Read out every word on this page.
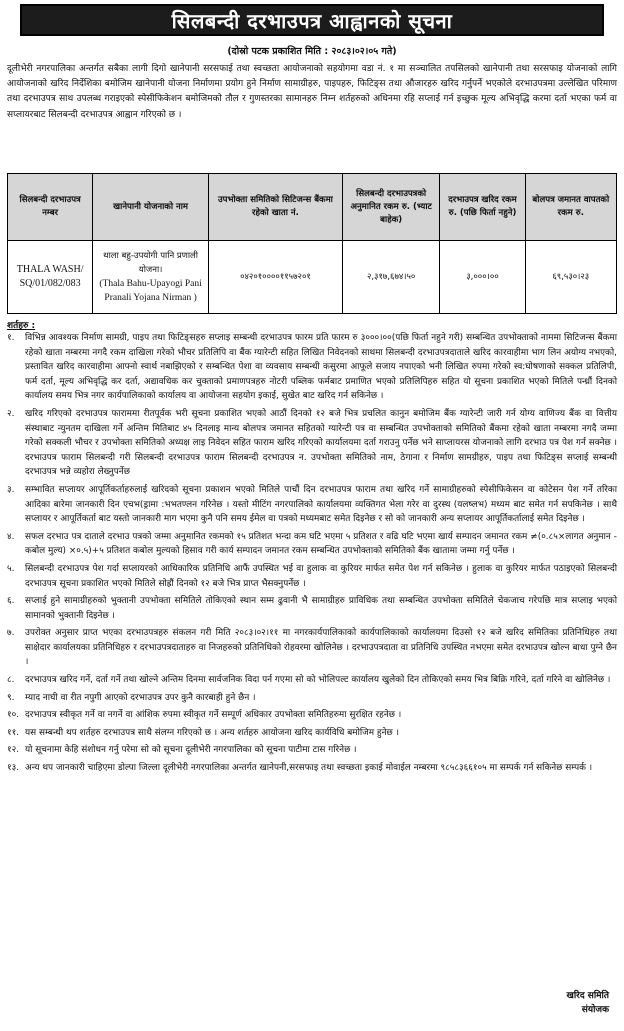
सिलबन्दी दरभाउपत्र आह्वानको सूचना
(दोस्रो पटक प्रकाशित मिति : २०८३।०२।०५ गते)
दूलीभेरी नगरपालिका अन्तर्गत सबैका लागी दिगो खानेपानी सरसफाई तथा स्वच्छता आयोजनाको सहयोगमा वडा नं. १ मा सञ्चालित तपसिलको खानेपानी तथा सरसफाइ योजनाको लागि आयोजनाको खरिद निर्देशिका बमोजिम खानेपानी योजना निर्माणमा प्रयोग हुने निर्माण सामाग्रीहरु, पाइपहरु, फिटिङ्स तथा औजारहरु खरिद गर्नुपर्ने भएकोले दरभाउपत्रमा उल्लेखित परिमाण तथा दरभाउपत्र साथ उपलब्ध गराइएको स्पेसीफिकेशन बमोजिमको तौल र गुणस्तरका सामानहरु निम्न शर्तहरुको अधिनमा रहि सप्लाई गर्न इच्छुक मूल्य अभिवृद्धि करमा दर्ता भएका फर्म वा सप्लायरबाट सिलबन्दी दरभाउपत्र आह्वान गरिएको छ ।
सिलबन्दी दरभाउपत्र नम्बर	खानेपानी योजनाको नाम	उपभोक्ता समितिको सिटिजन्स बैंकमा रहेको खाता नं.	सिलबन्दी दरभाउपत्रको अनुमानित रकम रु. (भ्याट बाहेक)	दरभाउपत्र खरिद रकम रु. (पछि फिर्ता नहुने)	बोलपत्र जमानत वापतको रकम रु.
THALA WASH/ SQ/01/082/083	थाला बहु-उपयोगी पानि प्रणाली योजना।
(Thala Bahu-Upayogi Pani Pranali Yojana Nirman )	०४२०१००००११५७२०१	२,३१७,६७४।५०	३,०००।००	६९,५३०।२३
शर्तहरु :
१.	विभिन्न आवश्यक निर्माण सामग्री, पाइप तथा फिटिङ्सहरु सप्लाइ सम्बन्धी दरभाउपत्र फारम प्रति फारम रु ३०००।००(पछि फिर्ता नहुने गरी) सम्बन्धित उपभोक्ताको नाममा सिटिजन्स बैंकमा रहेको खाता नम्बरमा नगदै रकम दाखिला गरेको भौचर प्रतिलिपि वा बैंक ग्यारेन्टी सहित लिखित निवेदनको साथमा सिलबन्दी दरभाउपत्रदाताले खरिद कारवाहीमा भाग लिन अयोग्य नभएको, प्रस्तावित खरिद कारवाहीमा आफ्नो स्वार्थ नबाझिएको र सम्बन्धित पेशा वा व्यवसाय सम्बन्धी कसुरमा आफूले सजाय नपाएको भनी लिखित रुपमा गरेको स्व:घोषणाको सक्कल प्रतिलिपी, फर्म दर्ता, मूल्य अभिवृद्धि कर दर्ता, अद्यावधिक कर चुक्ताको प्रमाणपत्रहरु नोटरी पब्लिक फर्मबाट प्रमाणित भएको प्रतिलिपिहरु सहित यो सूचना प्रकाशित भएको मितिले पन्ध्रौं दिनको कार्यालय समय भित्र नगर कार्यपालिकाको कार्यालय वा आयोजना सहयोग इकाई, सुखेत बाट खरिद गर्न सकिनेछ ।
२.	खरिद गरिएको दरभाउपत्र फाराममा रीतपूर्वक भरी सूचना प्रकाशित भएको आठौं दिनको १२ बजे भित्र प्रचलित कानुन बमोजिम बैंक ग्यारेन्टी जारी गर्न योग्य वाणिज्य बैंक वा वित्तीय संस्थाबाट न्युनतम दाखिला गर्ने अन्तिम मितिबाट ४५ दिनलाइ मान्य बोलपत्र जमानत सहितको ग्यारेन्टी पत्र वा सम्बन्धित उपभोक्ताको समितिको बैंकमा रहेको खाता नम्बरमा नगदै जम्मा गरेको सक्कली भौचर र उपभोक्ता समितिको अध्यक्ष लाइ निवेदन सहित फाराम खरिद गरिएको कार्यालयमा दर्ता गराउनु पर्नेछ भने साप्लायरस योजनाको लागि दरभाउ पत्र पेश गर्न सक्नेछ । दरभाउपत्र फाराम सिलबन्दी गरी सिलबन्दी दरभाउपत्र फाराम सिलबन्दी दरभाउपत्र न. उपभोक्ता समितिको नाम, ठेगाना र निर्माण सामग्रीहरु, पाइप तथा फिटिङ्स सप्लाई सम्बन्धी दरभाउपत्र भन्ने व्यहोरा लेख्नुपर्नेछ
३.	सम्भावित सप्लायर आपूर्तिकर्ताहरुलाई खरिदको सूचना प्रकाशन भएको मितिले पाचौं दिन दरभाउपत्र फाराम तथा खरिद गर्ने सामाग्रीहरुको स्पेसीफिकेसन वा कोटेसन पेश गर्ने तरिका आदिका बारेमा जानकारी दिन एचभ(ड्रामा :भभतण्लन गरिनेछ । यस्तो मीटिंग नगरपालिको कार्यालयमा व्यक्तिगत भेला गरेर वा दुरस्थ (यलष्लभ) मध्यम बाट समेत गर्न सपकिनेछ । साथै सप्लायर र आपूर्तिकर्ता बाट यस्तो जानकारी माग भएमा कुनै पनि समय ईमेल वा पत्रको मध्यमबाट समेत दिइनेछ र सो को जानकारी अन्य सप्लायर आपूर्तिकर्तालाई समेत दिइनेछ ।
४.	सफल दरभाउ पत्र दाताले दरभाउ पत्रको जम्मा अनुमानित रकमको १५ प्रतिशत भन्दा कम घटि भएमा ५ प्रतिशत र वढि घटि भएमा खार्य सम्पादन जमानत रकम ≠(०.८५×लागत अनुमान - कबोल मुल्य) ×०.५)+५ प्रतिशत कबोल मुल्यको हिसाव गरी कार्य सम्पादन जमानत रकम सम्बन्धित उपभोक्ताको समितिको बैंक खातामा जम्मा गर्नु पर्नेछ ।
५.	सिलबन्दी दरभाउपत्र पेश गर्दा सप्लायरको आधिकारिक प्रतिनिधि आफैं उपस्थित भई वा हुलाक वा कुरियर मार्फत समेत पेश गर्न सकिनेछ । हुलाक वा कुरियर मार्फत पठाइएको सिलबन्दी दरभाउपत्र सूचना प्रकाशित भएको मितिले सोह्रौं दिनको १२ बजे भित्र प्राप्त भैसक्नुपर्नेछ ।
६.	सप्लाई हुने सामाग्रीहरुको भुक्तानी उपभोक्ता समितिले तोकिएको स्थान सम्म ढुवानी भै सामाग्रीहरु प्राविधिक तथा सम्बन्धित उपभोक्ता समितिले चेकजाच गरेपछि मात्र सप्लाइ भएको सामानको भुक्तानी दिइनेछ ।
७.	उपरोक्त अनुसार प्राप्त भएका दरभाउपत्रहरु संकलन गरी मिति २०८३।०२।११ मा नगरकार्यपालिकाको कार्यपालिकाको कार्यालयमा दिउसो १२ बजे खरिद समितिका प्रतिनिधिहरु तथा साक्षेदार कार्यालयका प्रतिनिधिहरु र दरभाउपत्रदाताहरु वा निजहरुको प्रतिनिधिको रोहवरमा खोलिनेछ । दरभाउपत्रदाता वा प्रतिनिधि उपस्थित नभएमा समेत दरभाउपत्र खोल्न बाधा पुग्ने छैन ।
८.	दरभाउपत्र खरिद गर्ने, दर्ता गर्ने तथा खोल्ने अन्तिम दिनमा सार्वजनिक विदा पर्न गएमा सो को भोलिपल्ट कार्यालय खुलेको दिन तोकिएको समय भित्र बिक्रि गरिने, दर्ता गरिने वा खोलिनेछ ।
९.	म्याद नाघी वा रीत नपुगी आएको दरभाउपत्र उपर कुनै कारबाही हुने छैन ।
१०. दरभाउपत्र स्वीकृत गर्ने वा नगर्ने वा आंशिक रुपमा स्वीकृत गर्ने सम्पूर्ण अधिकार उपभोक्ता समितिहरुमा सुरक्षित रहनेछ ।
११. यस सम्बन्धी थप शर्तहरु दरभाउपत्र साथै संलग्न गरिएको छ । अन्य शर्तहरु आयोजना खरिद कार्यविधि बमोजिम हुनेछ ।
१२. यो सूचनामा केहि संशोधन गर्नु परेमा सो को सूचना दूलीभेरी नगरपालिका को सूचना पाटीमा टास गरिनेछ ।
१३. अन्य थप जानकारी चाहिएमा डोल्पा जिल्ला दूलीभेरी नगरपालिका अन्तर्गत खानेपनी,सरसफाइ तथा स्वच्छता इकाई मोवाईल नम्बरमा ९८५८३६६१०५ मा सम्पर्क गर्न सकिनेछ सम्पर्क ।
खरिद समिति
संयोजक
